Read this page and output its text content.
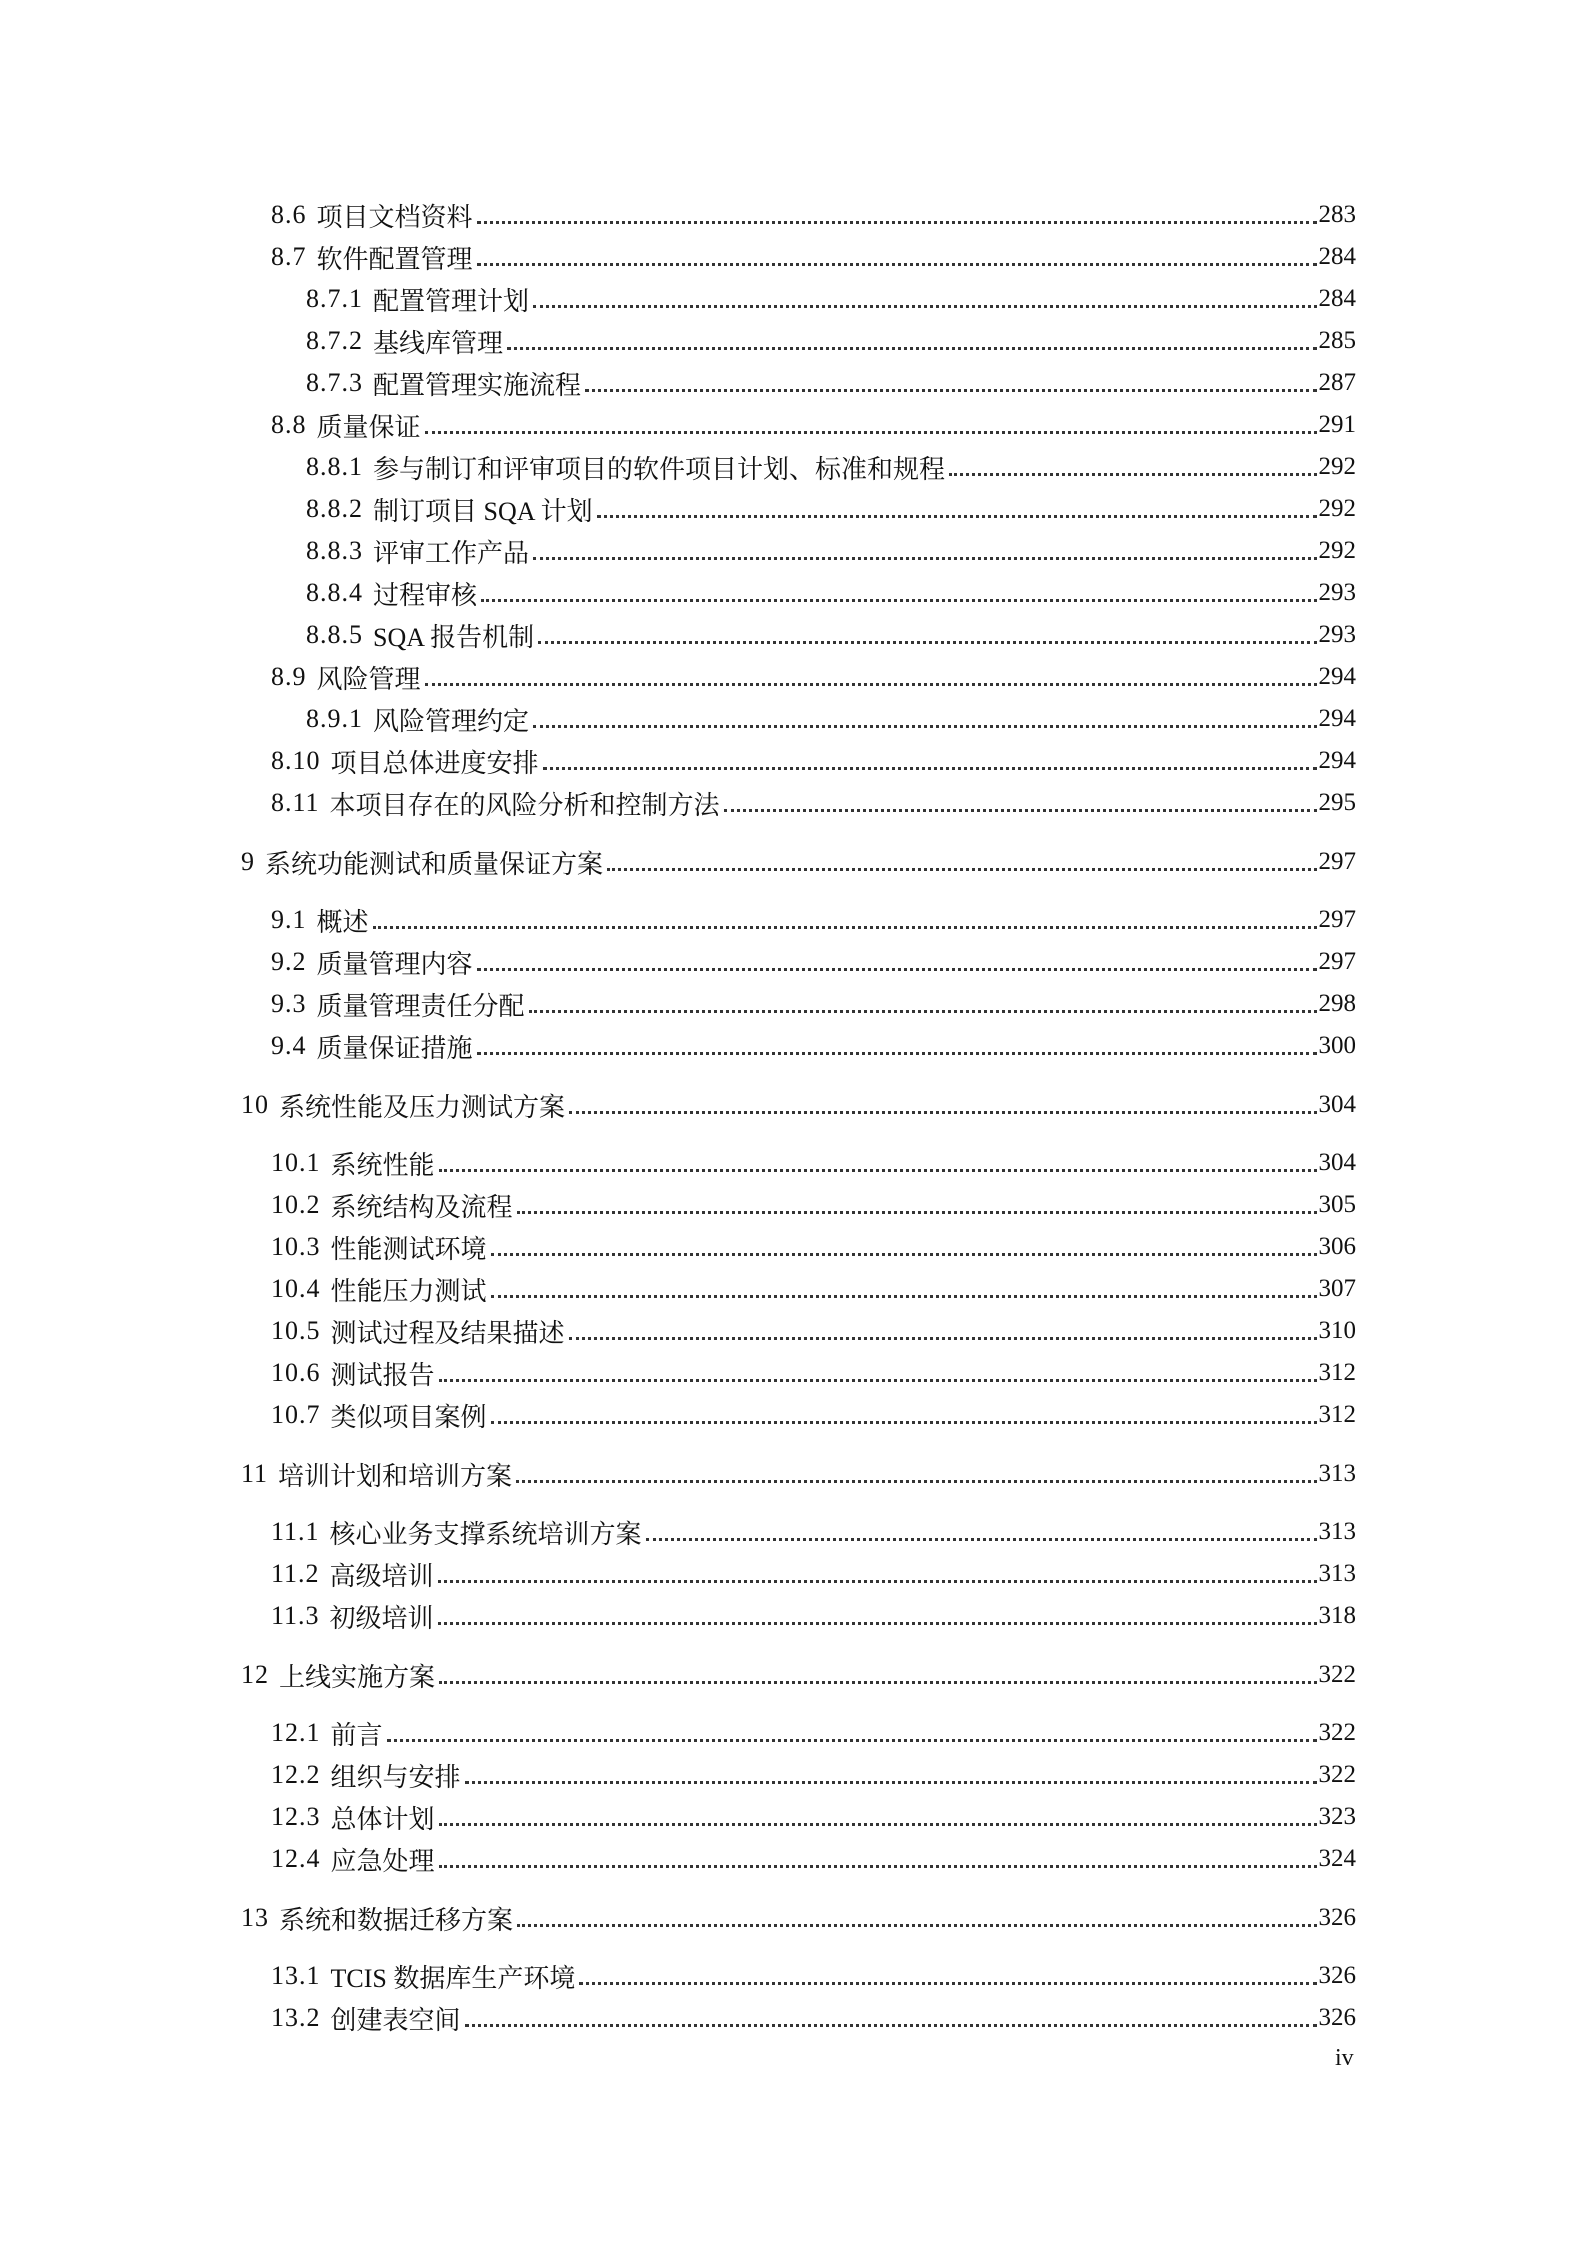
8.6 项目文档资料	283
8.7 软件配置管理	284
8.7.1 配置管理计划	284
8.7.2 基线库管理	285
8.7.3 配置管理实施流程	287
8.8 质量保证	291
8.8.1 参与制订和评审项目的软件项目计划、标准和规程	292
8.8.2 制订项目 SQA 计划	292
8.8.3 评审工作产品	292
8.8.4 过程审核	293
8.8.5 SQA 报告机制	293
8.9 风险管理	294
8.9.1 风险管理约定	294
8.10 项目总体进度安排	294
8.11 本项目存在的风险分析和控制方法	295
9 系统功能测试和质量保证方案	297
9.1 概述	297
9.2 质量管理内容	297
9.3 质量管理责任分配	298
9.4 质量保证措施	300
10 系统性能及压力测试方案	304
10.1 系统性能	304
10.2 系统结构及流程	305
10.3 性能测试环境	306
10.4 性能压力测试	307
10.5 测试过程及结果描述	310
10.6 测试报告	312
10.7 类似项目案例	312
11 培训计划和培训方案	313
11.1 核心业务支撑系统培训方案	313
11.2 高级培训	313
11.3 初级培训	318
12 上线实施方案	322
12.1 前言	322
12.2 组织与安排	322
12.3 总体计划	323
12.4 应急处理	324
13 系统和数据迁移方案	326
13.1 TCIS 数据库生产环境	326
13.2 创建表空间	326
iv
